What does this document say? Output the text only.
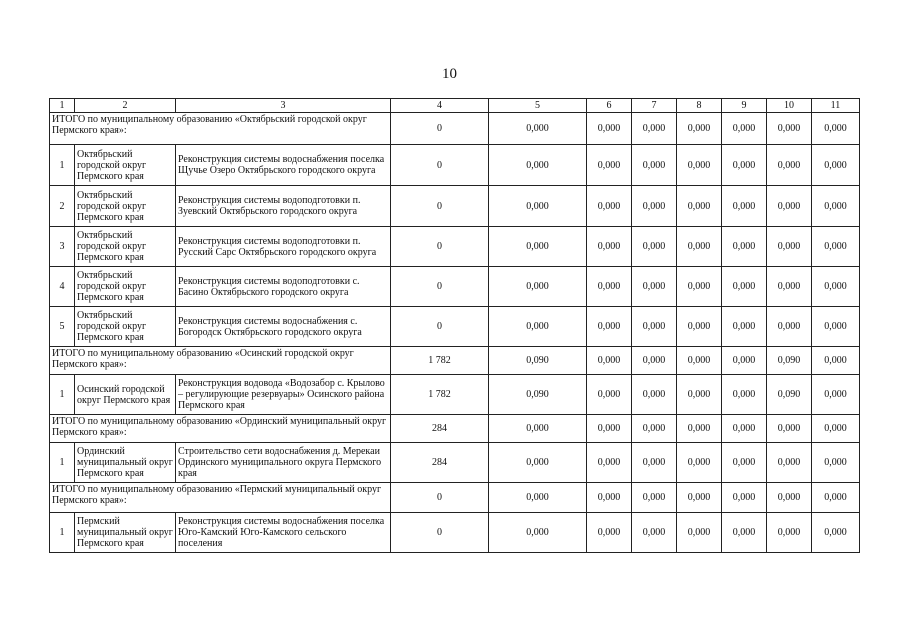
10
1	2	3	4	5	6	7	8	9	10	11
ИТОГО по муниципальному образованию «Октябрьский городской округ Пермского края»:			0	0,000	0,000	0,000	0,000	0,000	0,000	0,000
1	Октябрьский городской округ Пермского края	Реконструкция системы водоснабжения поселка Щучье Озеро Октябрьского городского округа	0	0,000	0,000	0,000	0,000	0,000	0,000	0,000
2	Октябрьский городской округ Пермского края	Реконструкция системы водоподготовки п. Зуевский Октябрьского городского округа	0	0,000	0,000	0,000	0,000	0,000	0,000	0,000
3	Октябрьский городской округ Пермского края	Реконструкция системы водоподготовки п. Русский Сарс Октябрьского городского округа	0	0,000	0,000	0,000	0,000	0,000	0,000	0,000
4	Октябрьский городской округ Пермского края	Реконструкция системы водоподготовки с. Басино Октябрьского городского округа	0	0,000	0,000	0,000	0,000	0,000	0,000	0,000
5	Октябрьский городской округ Пермского края	Реконструкция системы водоснабжения с. Богородск Октябрьского городского округа	0	0,000	0,000	0,000	0,000	0,000	0,000	0,000
ИТОГО по муниципальному образованию «Осинский городской округ Пермского края»:			1 782	0,090	0,000	0,000	0,000	0,000	0,090	0,000
1	Осинский городской округ Пермского края	Реконструкция водовода «Водозабор с. Крылово – регулирующие резервуары» Осинского района Пермского края	1 782	0,090	0,000	0,000	0,000	0,000	0,090	0,000
ИТОГО по муниципальному образованию «Ординский муниципальный округ Пермского края»:			284	0,000	0,000	0,000	0,000	0,000	0,000	0,000
1	Ординский муниципальный округ Пермского края	Строительство сети водоснабжения д. Мерекаи Ординского муниципального округа Пермского края	284	0,000	0,000	0,000	0,000	0,000	0,000	0,000
ИТОГО по муниципальному образованию «Пермский муниципальный округ Пермского края»:			0	0,000	0,000	0,000	0,000	0,000	0,000	0,000
1	Пермский муниципальный округ Пермского края	Реконструкция системы водоснабжения поселка Юго-Камский Юго-Камского сельского поселения	0	0,000	0,000	0,000	0,000	0,000	0,000	0,000
